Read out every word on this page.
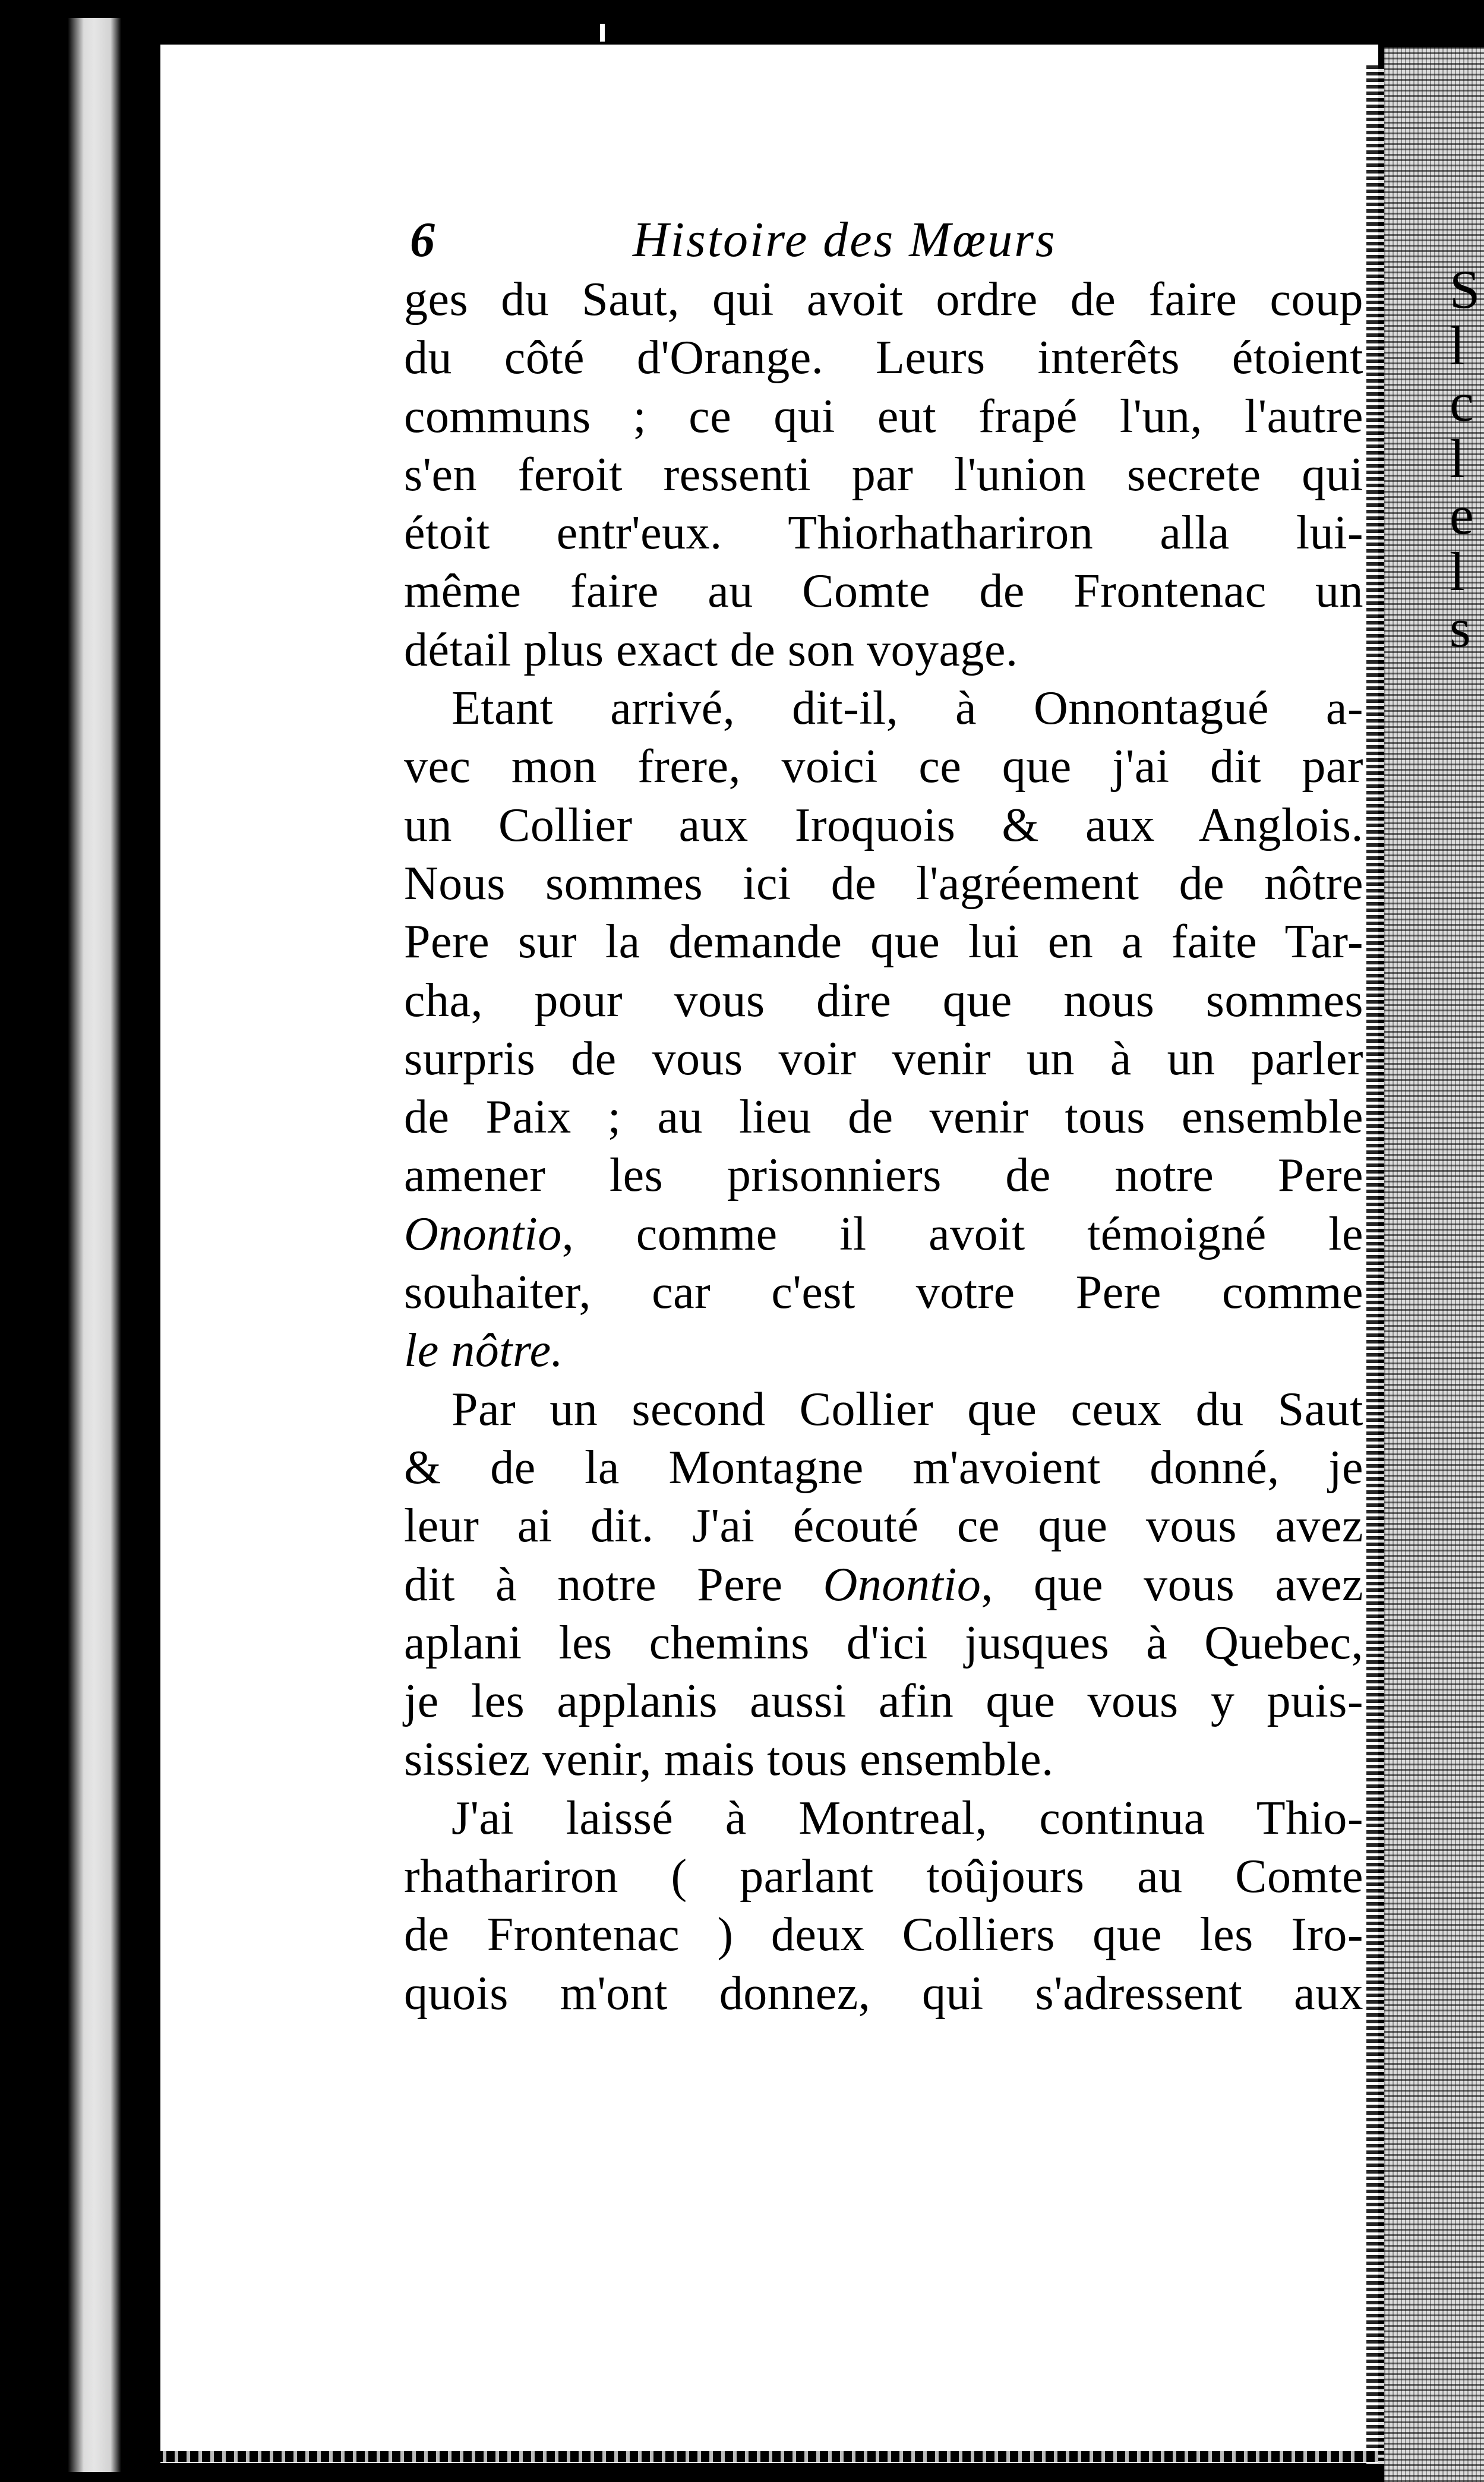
S
l
c
l
e
l
s
6	Histoire des Mœurs
ges du Saut, qui avoit ordre de faire coup
du côté d'Orange. Leurs interêts étoient
communs ; ce qui eut frapé l'un, l'autre
s'en feroit ressenti par l'union secrete qui
étoit entr'eux. Thiorhathariron alla lui-
même faire au Comte de Frontenac un
détail plus exact de son voyage.
Etant arrivé, dit-il, à Onnontagué a-
vec mon frere, voici ce que j'ai dit par
un Collier aux Iroquois & aux Anglois.
Nous sommes ici de l'agréement de nôtre
Pere sur la demande que lui en a faite Tar-
cha, pour vous dire que nous sommes
surpris de vous voir venir un à un parler
de Paix ; au lieu de venir tous ensemble
amener les prisonniers de notre Pere
Onontio, comme il avoit témoigné le
souhaiter, car c'est votre Pere comme
le nôtre.
Par un second Collier que ceux du Saut
& de la Montagne m'avoient donné, je
leur ai dit. J'ai écouté ce que vous avez
dit à notre Pere Onontio, que vous avez
aplani les chemins d'ici jusques à Quebec,
je les applanis aussi afin que vous y puis-
sissiez venir, mais tous ensemble.
J'ai laissé à Montreal, continua Thio-
rhathariron ( parlant toûjours au Comte
de Frontenac ) deux Colliers que les Iro-
quois m'ont donnez, qui s'adressent aux
